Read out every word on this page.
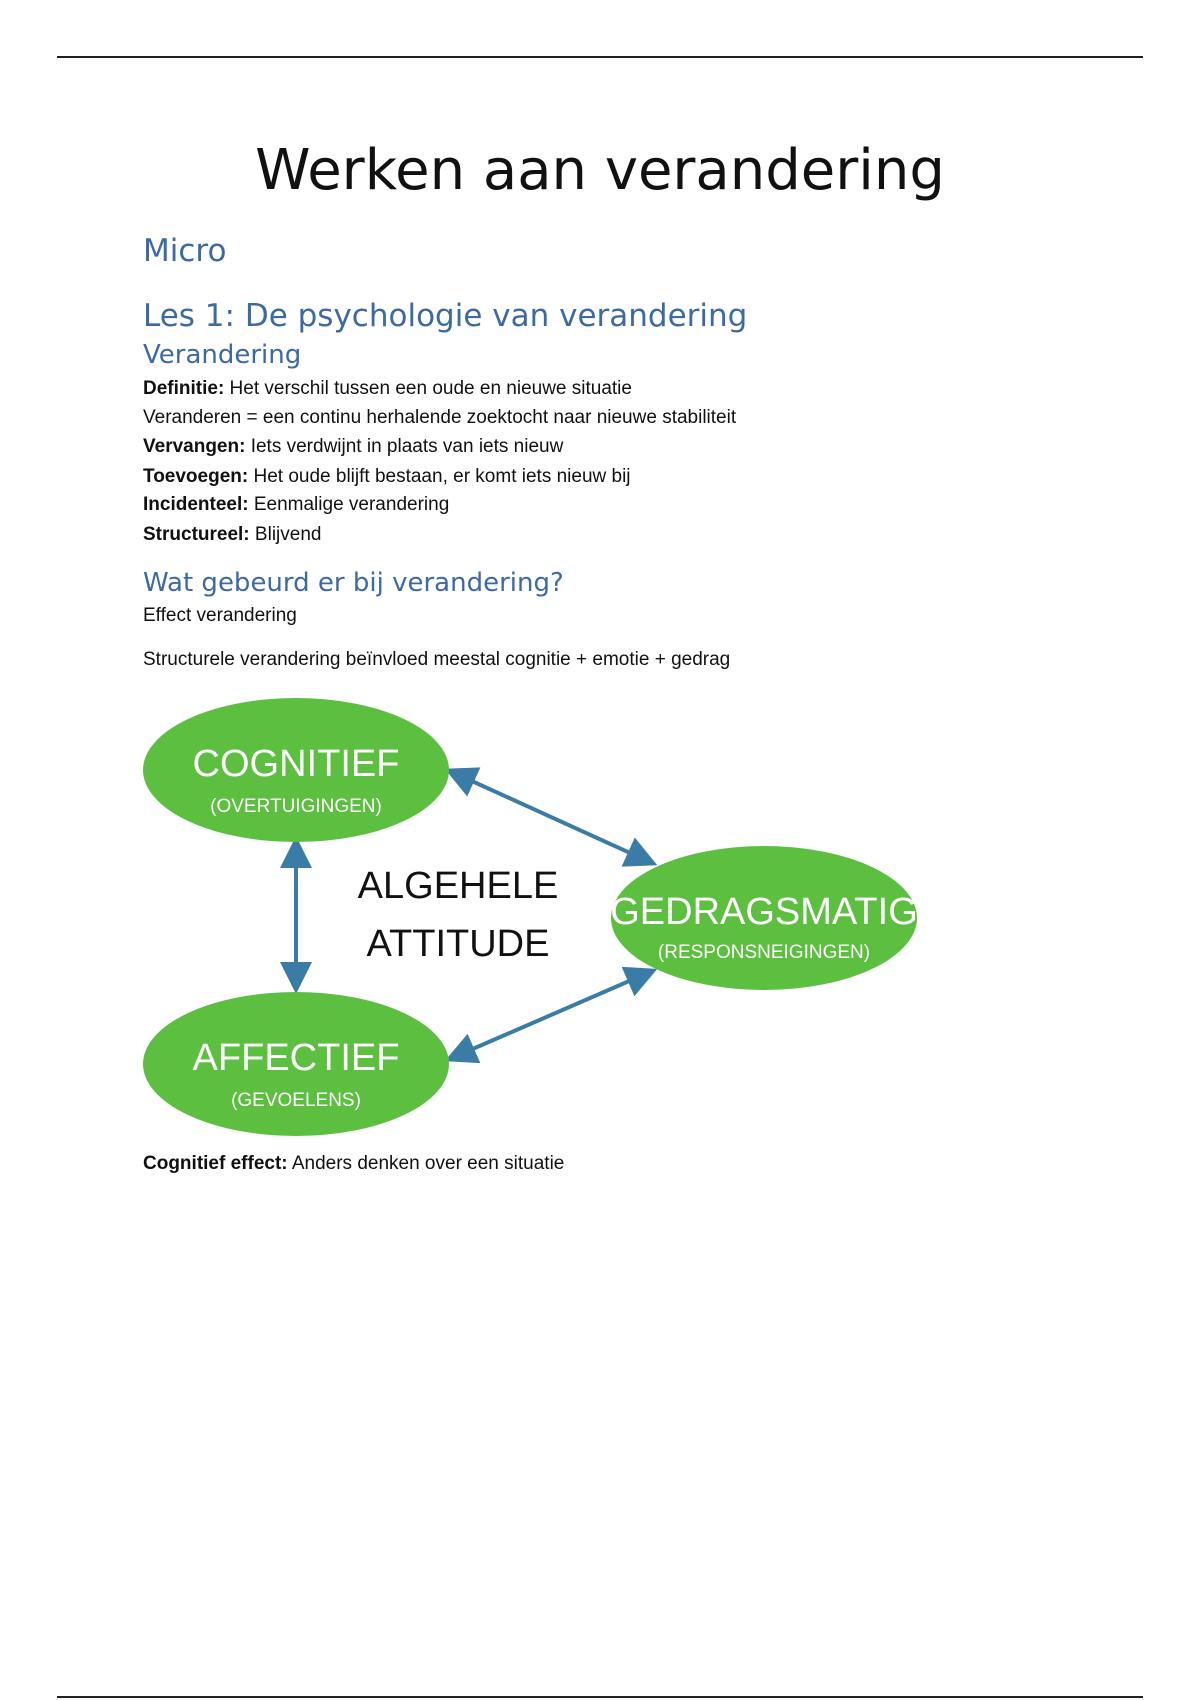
Werken aan verandering
Micro
Les 1: De psychologie van verandering
Verandering

Definitie: Het verschil tussen een oude en nieuwe situatie

Veranderen = een continu herhalende zoektocht naar nieuwe stabiliteit

Vervangen: Iets verdwijnt in plaats van iets nieuw

Toevoegen: Het oude blijft bestaan, er komt iets nieuw bij

Incidenteel: Eenmalige verandering

Structureel: Blijvend

Wat gebeurd er bij verandering?

Effect verandering

Structurele verandering beïnvloed meestal cognitie + emotie + gedrag

COGNITIEF
(OVERTUIGINGEN)
GEDRAGSMATIG
(RESPONSNEIGINGEN)
AFFECTIEF
(GEVOELENS)
ALGEHELE
ATTITUDE

Cognitief effect: Anders denken over een situatie
